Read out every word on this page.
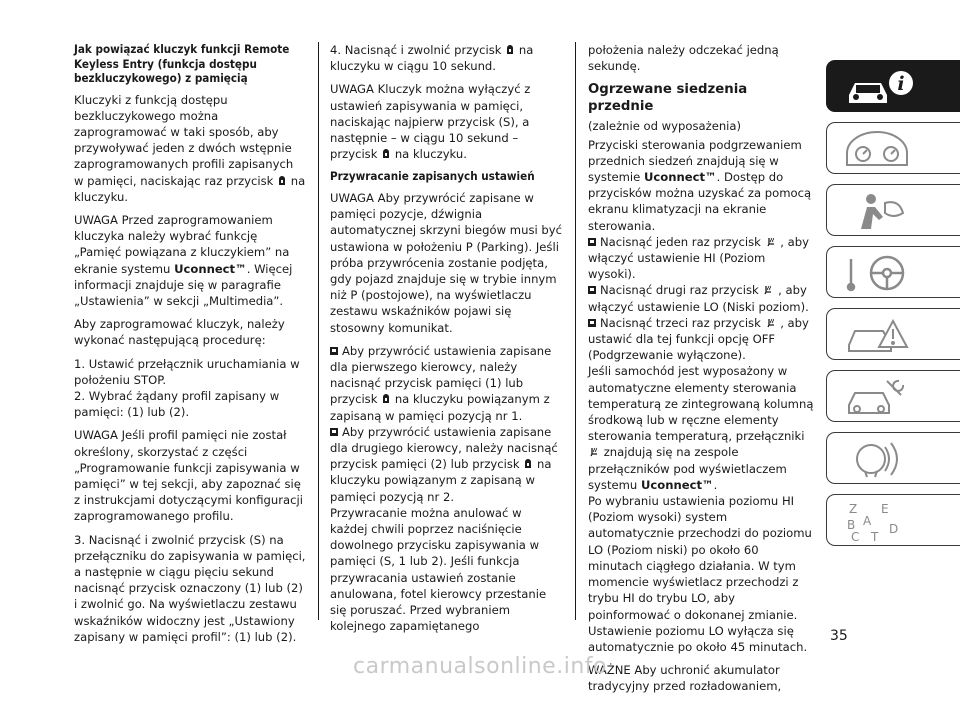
Jak powiązać kluczyk funkcji Remote Keyless Entry (funkcja dostępu bezkluczykowego) z pamięcią

Kluczyki z funkcją dostępu bezkluczykowego można zaprogramować w taki sposób, aby przywoływać jeden z dwóch wstępnie zaprogramowanych profili zapisanych w pamięci, naciskając raz przycisk na kluczyku.

UWAGA Przed zaprogramowaniem kluczyka należy wybrać funkcję „Pamięć powiązana z kluczykiem” na ekranie systemu Uconnect™. Więcej informacji znajduje się w paragrafie „Ustawienia” w sekcji „Multimedia”.

Aby zaprogramować kluczyk, należy wykonać następującą procedurę:

1. Ustawić przełącznik uruchamiania w położeniu STOP.

2. Wybrać żądany profil zapisany w pamięci: (1) lub (2).

UWAGA Jeśli profil pamięci nie został określony, skorzystać z części „Programowanie funkcji zapisywania w pamięci” w tej sekcji, aby zapoznać się z instrukcjami dotyczącymi konfiguracji zaprogramowanego profilu.

3. Nacisnąć i zwolnić przycisk (S) na przełączniku do zapisywania w pamięci, a następnie w ciągu pięciu sekund nacisnąć przycisk oznaczony (1) lub (2) i zwolnić go. Na wyświetlaczu zestawu wskaźników widoczny jest „Ustawiony zapisany w pamięci profil”: (1) lub (2).

4. Nacisnąć i zwolnić przycisk na kluczyku w ciągu 10 sekund.

UWAGA Kluczyk można wyłączyć z ustawień zapisywania w pamięci, naciskając najpierw przycisk (S), a następnie – w ciągu 10 sekund – przycisk na kluczyku.

Przywracanie zapisanych ustawień

UWAGA Aby przywrócić zapisane w pamięci pozycje, dźwignia automatycznej skrzyni biegów musi być ustawiona w położeniu P (Parking). Jeśli próba przywrócenia zostanie podjęta, gdy pojazd znajduje się w trybie innym niż P (postojowe), na wyświetlaczu zestawu wskaźników pojawi się stosowny komunikat.

Aby przywrócić ustawienia zapisane dla pierwszego kierowcy, należy nacisnąć przycisk pamięci (1) lub przycisk na kluczyku powiązanym z zapisaną w pamięci pozycją nr 1.

Aby przywrócić ustawienia zapisane dla drugiego kierowcy, należy nacisnąć przycisk pamięci (2) lub przycisk na kluczyku powiązanym z zapisaną w pamięci pozycją nr 2.

Przywracanie można anulować w każdej chwili poprzez naciśnięcie dowolnego przycisku zapisywania w pamięci (S, 1 lub 2). Jeśli funkcja przywracania ustawień zostanie anulowana, fotel kierowcy przestanie się poruszać. Przed wybraniem kolejnego zapamiętanego

położenia należy odczekać jedną sekundę.

Ogrzewane siedzenia przednie

(zależnie od wyposażenia)

Przyciski sterowania podgrzewaniem przednich siedzeń znajdują się w systemie Uconnect™. Dostęp do przycisków można uzyskać za pomocą ekranu klimatyzacji na ekranie sterowania.

Nacisnąć jeden raz przycisk , aby włączyć ustawienie HI (Poziom wysoki).

Nacisnąć drugi raz przycisk , aby włączyć ustawienie LO (Niski poziom).

Nacisnąć trzeci raz przycisk , aby ustawić dla tej funkcji opcję OFF (Podgrzewanie wyłączone).

Jeśli samochód jest wyposażony w automatyczne elementy sterowania temperaturą ze zintegrowaną kolumną środkową lub w ręczne elementy sterowania temperaturą, przełączniki  znajdują się na zespole przełączników pod wyświetlaczem systemu Uconnect™.

Po wybraniu ustawienia poziomu HI (Poziom wysoki) system automatycznie przechodzi do poziomu LO (Poziom niski) po około 60 minutach ciągłego działania. W tym momencie wyświetlacz przechodzi z trybu HI do trybu LO, aby poinformować o dokonanej zmianie. Ustawienie poziomu LO wyłącza się automatycznie po około 45 minutach.

WAŻNE Aby uchronić akumulator tradycyjny przed rozładowaniem,

i
Z E
B A
C T
D
35
carmanualsonline.info
